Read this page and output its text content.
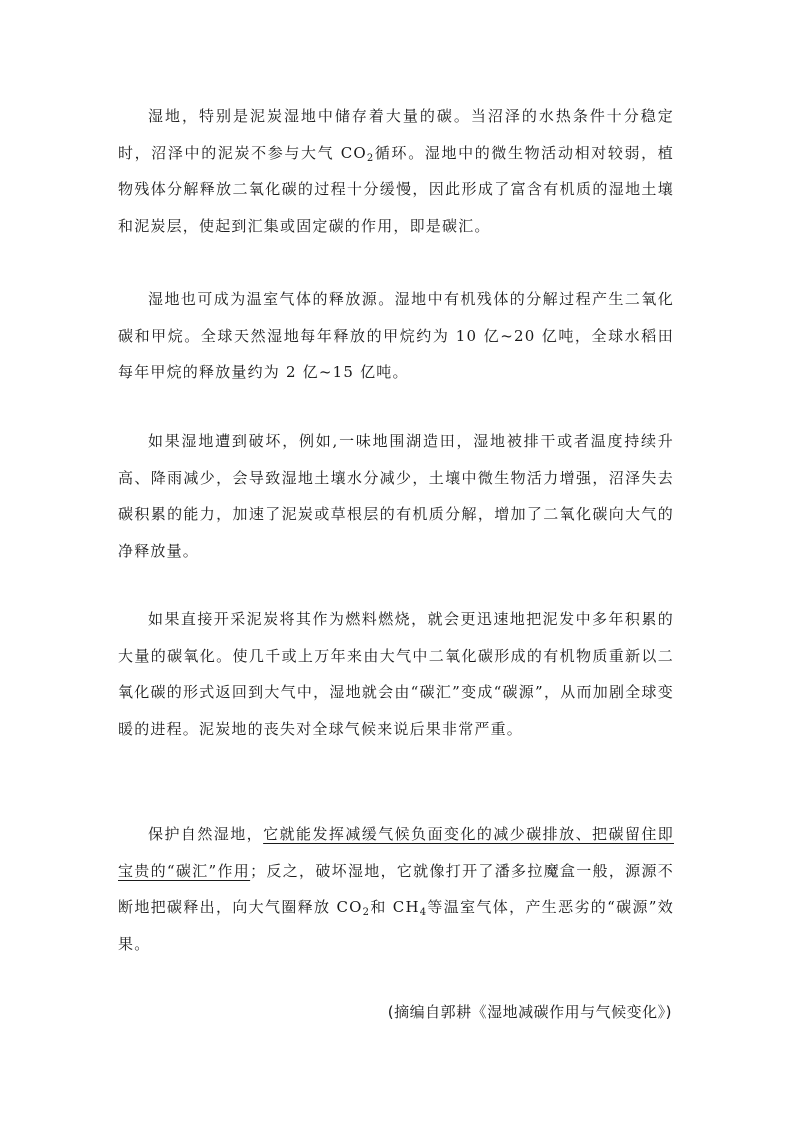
湿地，特别是泥炭湿地中储存着大量的碳。当沼泽的水热条件十分稳定时，沼泽中的泥炭不参与大气 $CO_2$循环。湿地中的微生物活动相对较弱，植物残体分解释放二氧化碳的过程十分缓慢，因此形成了富含有机质的湿地土壤和泥炭层，使起到汇集或固定碳的作用，即是碳汇。

湿地也可成为温室气体的释放源。湿地中有机残体的分解过程产生二氧化碳和甲烷。全球天然湿地每年释放的甲烷约为 10 亿~20 亿吨，全球水稻田每年甲烷的释放量约为 2 亿~15 亿吨。

如果湿地遭到破坏，例如,一味地围湖造田，湿地被排干或者温度持续升高、降雨减少，会导致湿地土壤水分减少，土壤中微生物活力增强，沼泽失去碳积累的能力，加速了泥炭或草根层的有机质分解，增加了二氧化碳向大气的净释放量。

如果直接开采泥炭将其作为燃料燃烧，就会更迅速地把泥发中多年积累的大量的碳氧化。使几千或上万年来由大气中二氧化碳形成的有机物质重新以二氧化碳的形式返回到大气中，湿地就会由“碳汇”变成“碳源”，从而加剧全球变暖的进程。泥炭地的丧失对全球气候来说后果非常严重。

保护自然湿地，它就能发挥减缓气候负面变化的减少碳排放、把碳留住即宝贵的“碳汇”作用；反之，破坏湿地，它就像打开了潘多拉魔盒一般，源源不断地把碳释出，向大气圈释放 $CO_2$和 $CH_4$等温室气体，产生恶劣的“碳源”效果。

(摘编自郭耕《湿地减碳作用与气候变化》)
